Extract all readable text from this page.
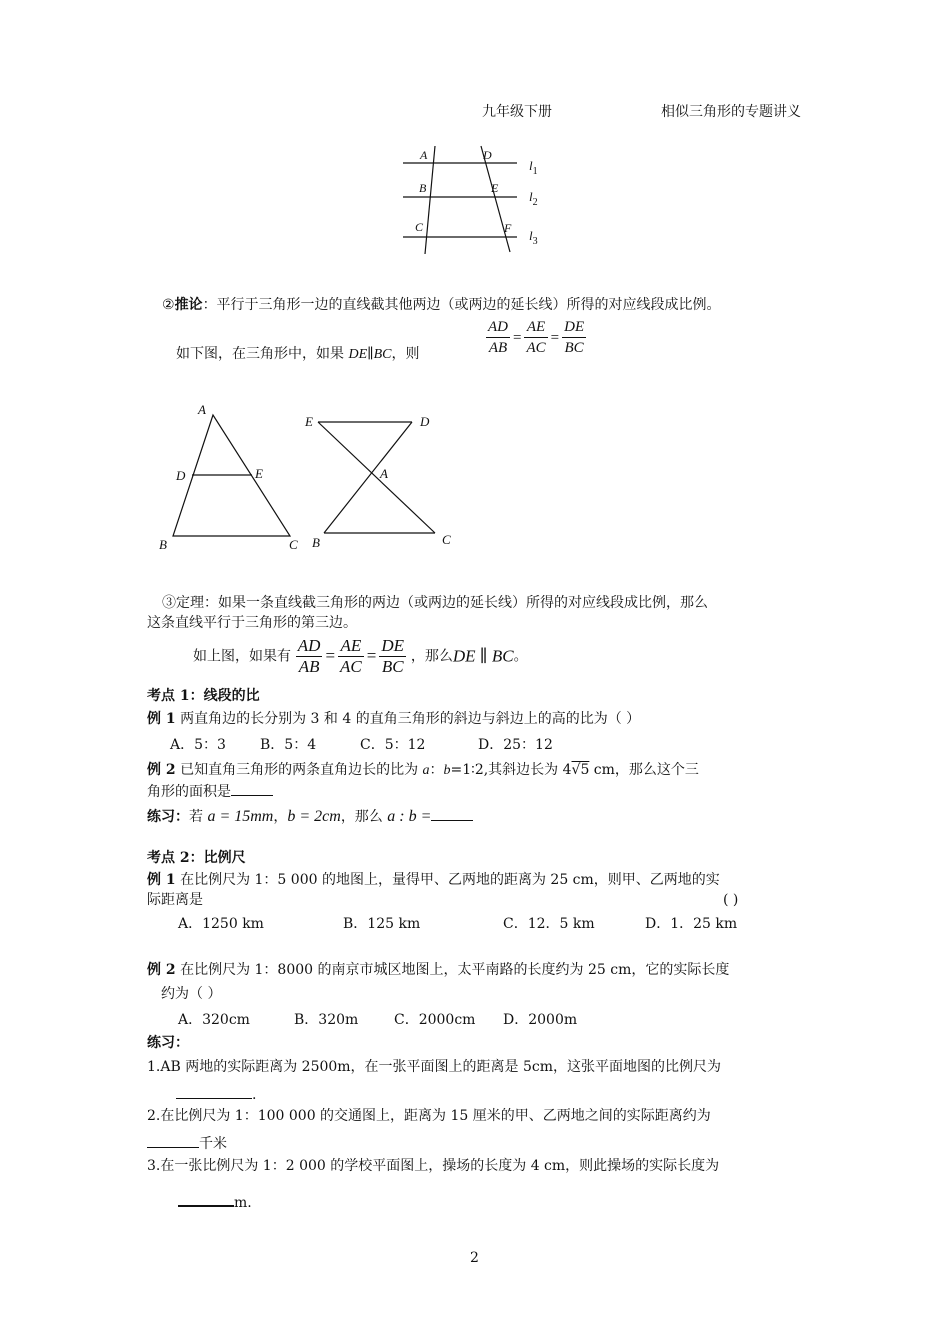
九年级下册	相似三角形的专题讲义
A	D
B	E
C	F
$l_1$
$l_2$
$l_3$
②推论：平行于三角形一边的直线截其他两边（或两边的延长线）所得的对应线段成比例。
如下图，在三角形中，如果 DE∥BC，则	$\frac{AD}{AB} = \frac{AE}{AC} = \frac{DE}{BC}$
A
D	E
B	C
E	D
A
B	C
③定理：如果一条直线截三角形的两边（或两边的延长线）所得的对应线段成比例，那么
这条直线平行于三角形的第三边。
如上图，如果有 $\frac{AD}{AB} = \frac{AE}{AC} = \frac{DE}{BC}$ ，那么DE ∥ BC。
考点 1：线段的比
例 1 两直角边的长分别为 3 和 4 的直角三角形的斜边与斜边上的高的比为（ ）
A．5：3 B．5：4	C．5：12	D．25：12
例 2 已知直角三角形的两条直角边长的比为 a：b=1∶2,其斜边长为 4√5 cm，那么这个三
角形的面积是
练习：若 a = 15mm，b = 2cm，那么 a : b =
考点 2：比例尺
例 1 在比例尺为 1：5 000 的地图上，量得甲、乙两地的距离为 25 cm，则甲、乙两地的实
际距离是	( )
A．1250 km	B．125 km	C．12．5 km	D．1．25 km
例 2 在比例尺为 1：8000 的南京市城区地图上，太平南路的长度约为 25 cm，它的实际长度
约为（ ）
A．320cm	B．320m	C．2000cm D．2000m
练习：
1.AB 两地的实际距离为 2500m，在一张平面图上的距离是 5cm，这张平面地图的比例尺为
.
2.在比例尺为 1：100 000 的交通图上，距离为 15 厘米的甲、乙两地之间的实际距离约为
千米
3.在一张比例尺为 1：2 000 的学校平面图上，操场的长度为 4 cm，则此操场的实际长度为
m.
2
